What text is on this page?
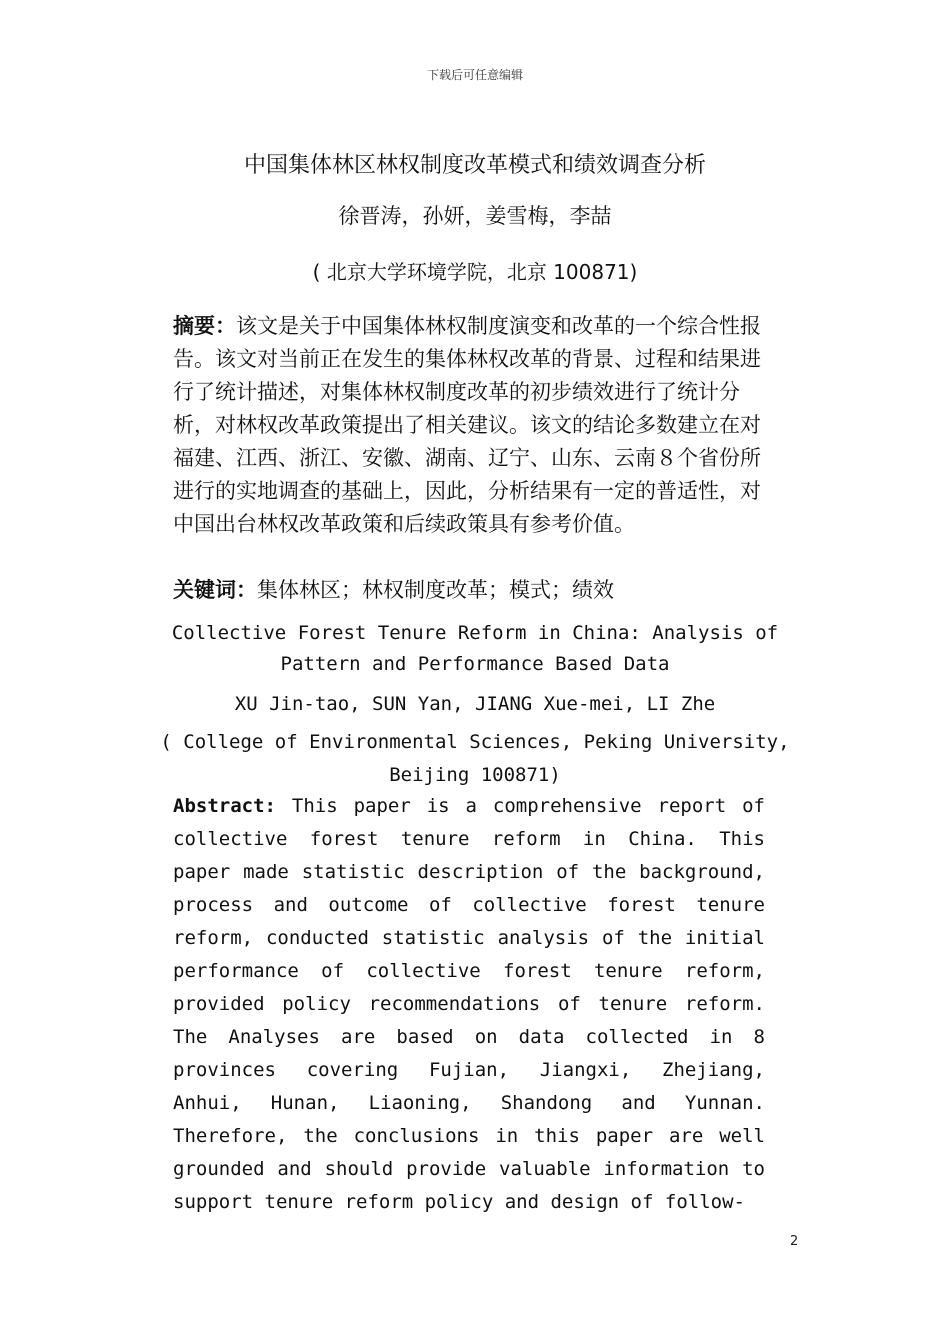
下载后可任意编辑
中国集体林区林权制度改革模式和绩效调查分析
徐晋涛，孙妍，姜雪梅，李喆
( 北京大学环境学院，北京 100871)
摘要：该文是关于中国集体林权制度演变和改革的一个综合性报告。该文对当前正在发生的集体林权改革的背景、过程和结果进行了统计描述，对集体林权制度改革的初步绩效进行了统计分析，对林权改革政策提出了相关建议。该文的结论多数建立在对福建、江西、浙江、安徽、湖南、辽宁、山东、云南８个省份所进行的实地调查的基础上，因此，分析结果有一定的普适性，对中国出台林权改革政策和后续政策具有参考价值。
关键词：集体林区；林权制度改革；模式；绩效
Collective Forest Tenure Reform in China: Analysis of Pattern and Performance Based Data
XU Jin-tao, SUN Yan, JIANG Xue-mei, LI Zhe
( College of Environmental Sciences, Peking University, Beijing 100871)
Abstract: This paper is a comprehensive report of
collective forest tenure reform in China. This
paper made statistic description of the background,
process and outcome of collective forest tenure
reform, conducted statistic analysis of the initial
performance of collective forest tenure reform,
provided policy recommendations of tenure reform.
The Analyses are based on data collected in 8
provinces covering Fujian, Jiangxi, Zhejiang,
Anhui, Hunan, Liaoning, Shandong and Yunnan.
Therefore, the conclusions in this paper are well
grounded and should provide valuable information to
support tenure reform policy and design of follow-
2
